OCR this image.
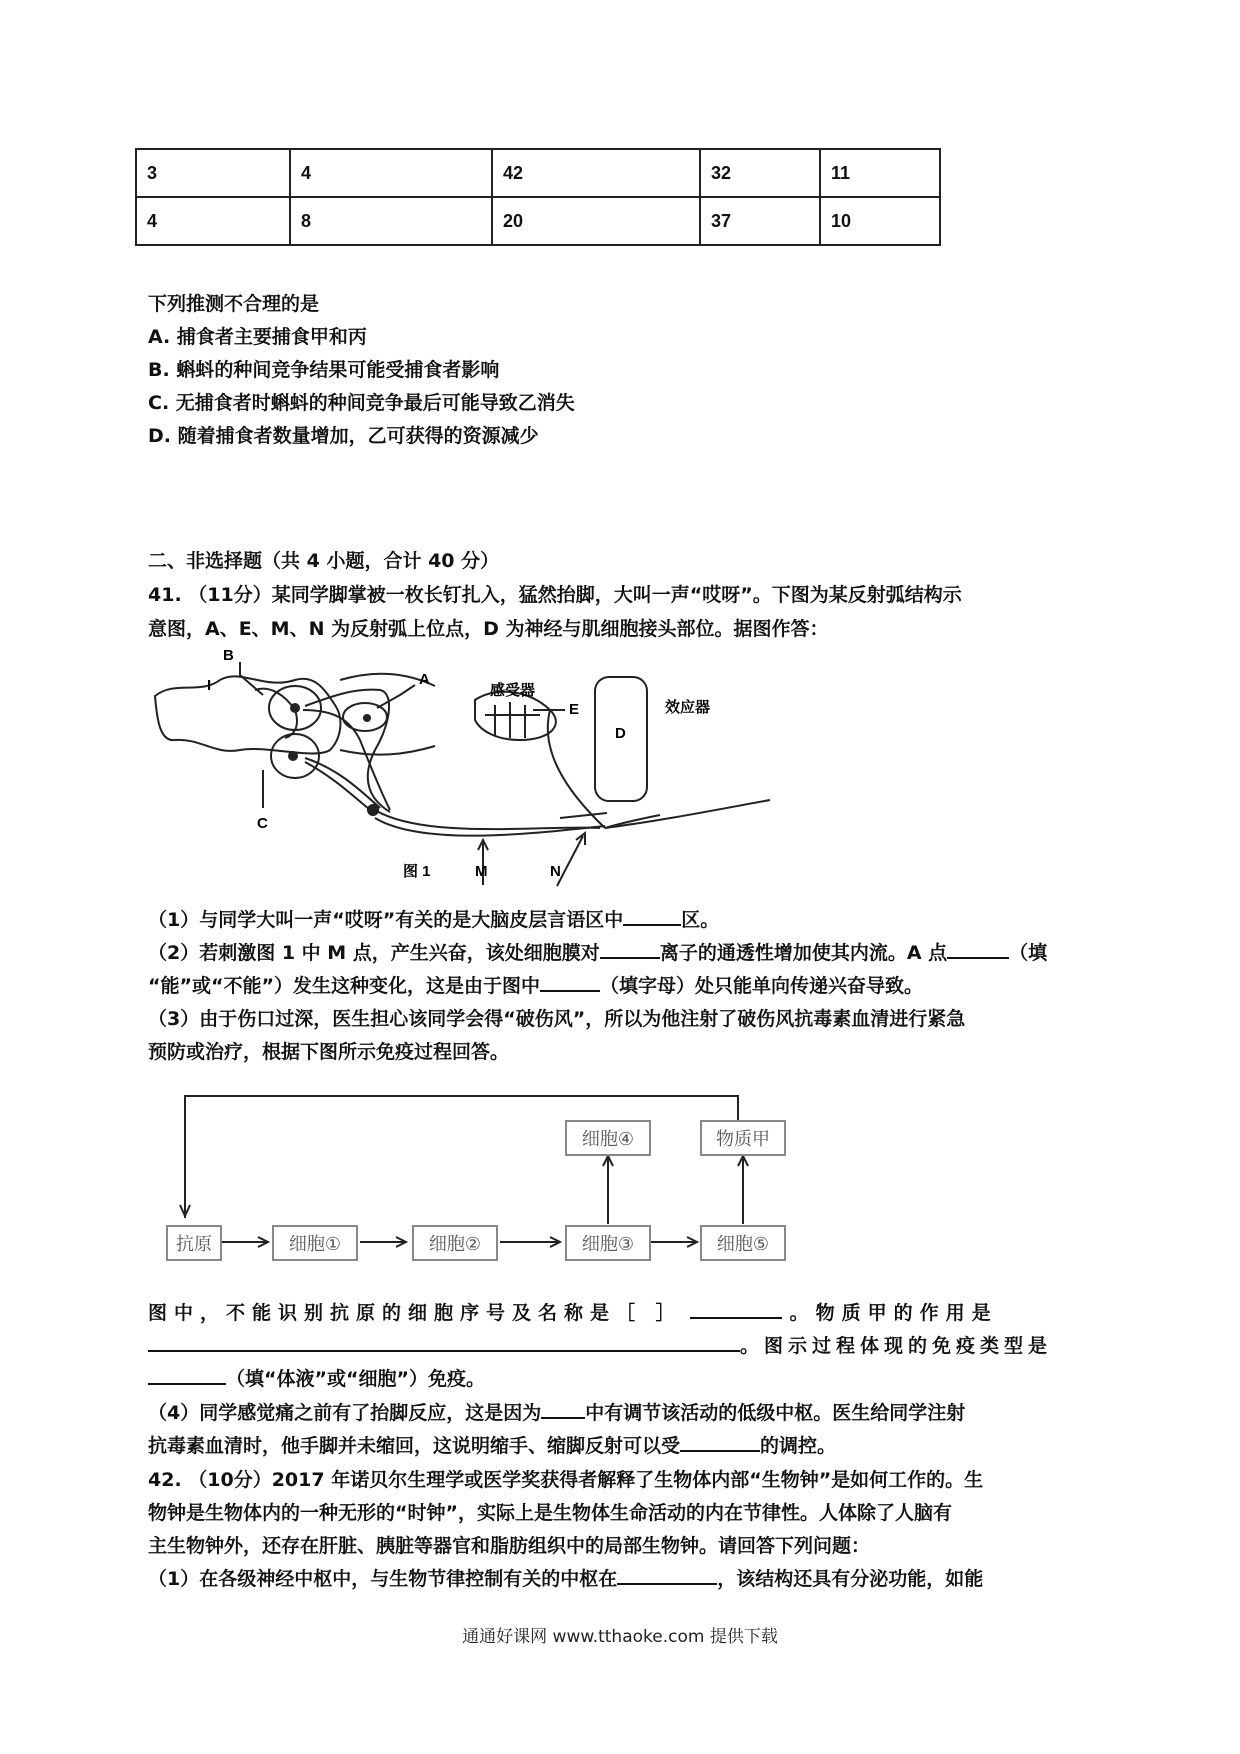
3	4	42	32	11
4	8	20	37	10
下列推测不合理的是
A. 捕食者主要捕食甲和丙
B. 蝌蚪的种间竞争结果可能受捕食者影响
C. 无捕食者时蝌蚪的种间竞争最后可能导致乙消失
D. 随着捕食者数量增加，乙可获得的资源减少
二、非选择题（共 4 小题，合计 40 分）
41. （11分）某同学脚掌被一枚长钉扎入，猛然抬脚，大叫一声“哎呀”。下图为某反射弧结构示
意图，A、E、M、N 为反射弧上位点，D 为神经与肌细胞接头部位。据图作答：
B
A
C
I	感受器
E	效应器
D
图 1	M	N
（1）与同学大叫一声“哎呀”有关的是大脑皮层言语区中	区。
（2）若刺激图 1 中 M 点，产生兴奋，该处细胞膜对	离子的通透性增加使其内流。A 点	（填
“能”或“不能”）发生这种变化，这是由于图中	（填字母）处只能单向传递兴奋导致。
（3）由于伤口过深，医生担心该同学会得“破伤风”，所以为他注射了破伤风抗毒素血清进行紧急
预防或治疗，根据下图所示免疫过程回答。
抗原	细胞①	细胞②	细胞③	细胞⑤
细胞④	物质甲
图中，不能识别抗原的细胞序号及名称是［ ］	。物质甲的作用是
。图示过程体现的免疫类型是
（填“体液”或“细胞”）免疫。
（4）同学感觉痛之前有了抬脚反应，这是因为 中有调节该活动的低级中枢。医生给同学注射
抗毒素血清时，他手脚并未缩回，这说明缩手、缩脚反射可以受	的调控。
42. （10分）2017 年诺贝尔生理学或医学奖获得者解释了生物体内部“生物钟”是如何工作的。生
物钟是生物体内的一种无形的“时钟”，实际上是生物体生命活动的内在节律性。人体除了人脑有
主生物钟外，还存在肝脏、胰脏等器官和脂肪组织中的局部生物钟。请回答下列问题：
（1）在各级神经中枢中，与生物节律控制有关的中枢在	，该结构还具有分泌功能，如能
通通好课网 www.tthaoke.com 提供下载
